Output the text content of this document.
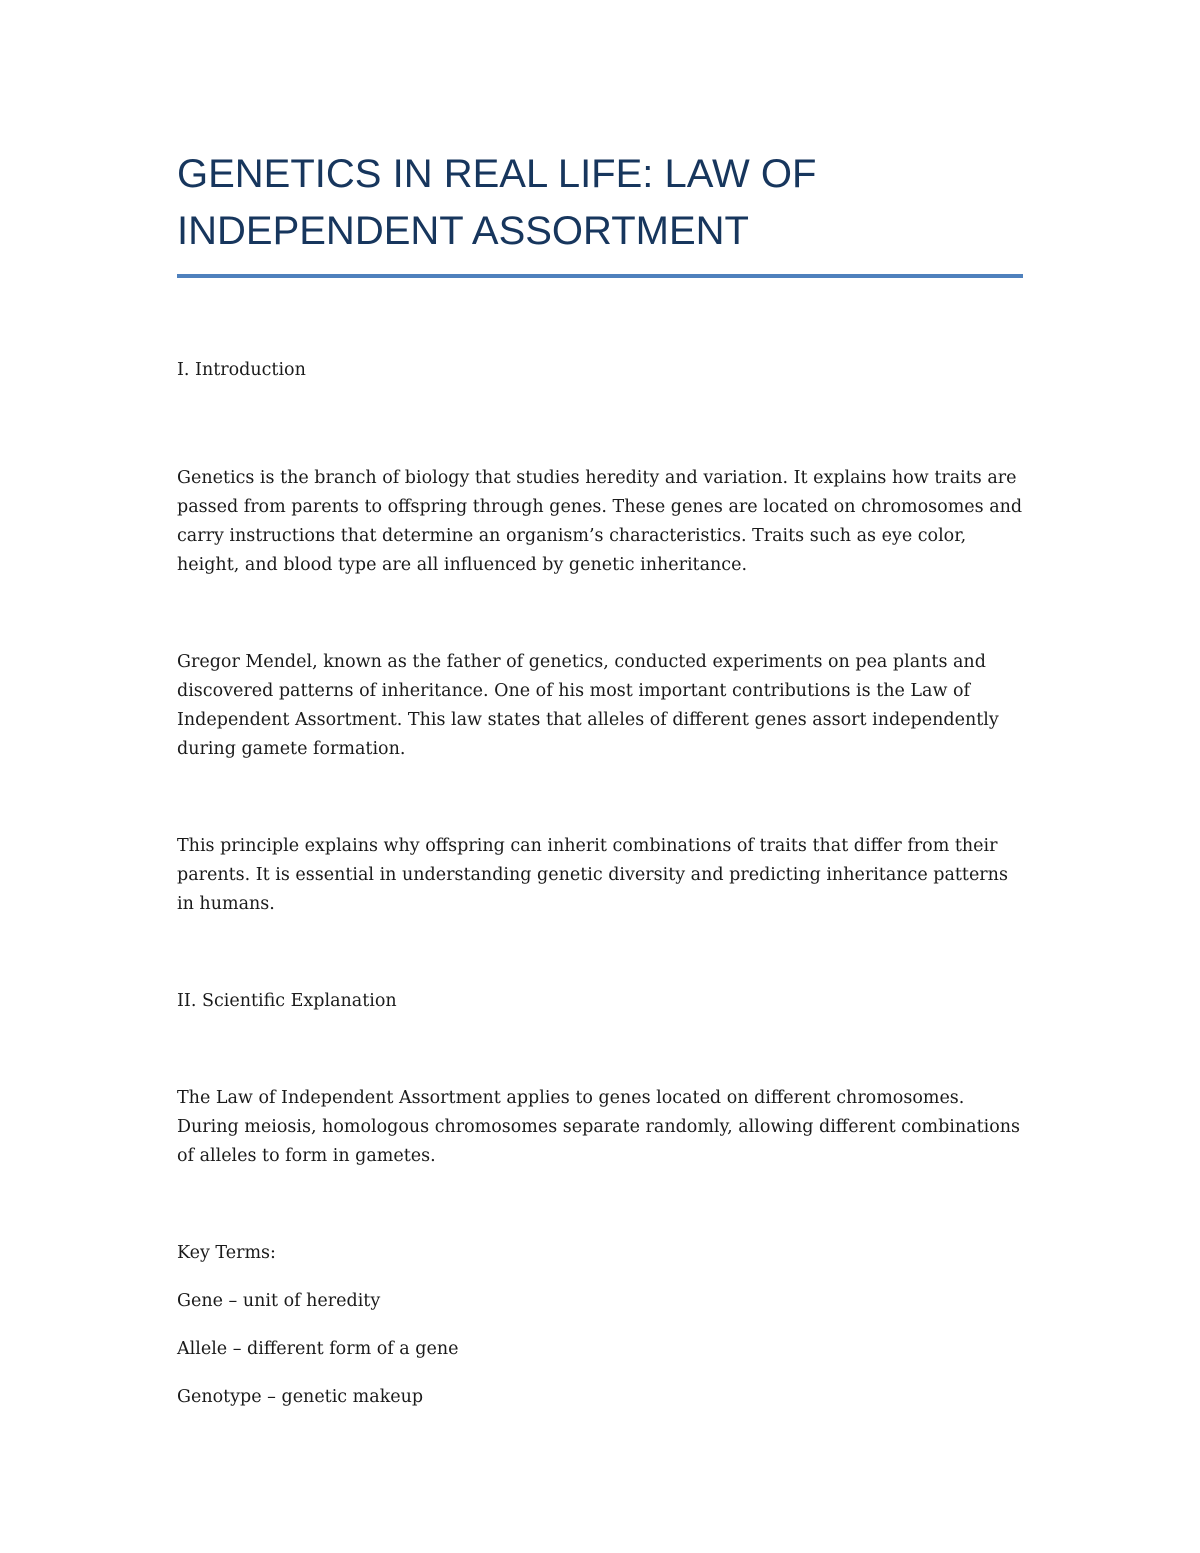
GENETICS IN REAL LIFE: LAW OF
INDEPENDENT ASSORTMENT

I. Introduction

Genetics is the branch of biology that studies heredity and variation. It explains how traits are passed from parents to offspring through genes. These genes are located on chromosomes and carry instructions that determine an organism’s characteristics. Traits such as eye color, height, and blood type are all influenced by genetic inheritance.

Gregor Mendel, known as the father of genetics, conducted experiments on pea plants and discovered patterns of inheritance. One of his most important contributions is the Law of Independent Assortment. This law states that alleles of different genes assort independently during gamete formation.

This principle explains why offspring can inherit combinations of traits that differ from their parents. It is essential in understanding genetic diversity and predicting inheritance patterns in humans.

II. Scientific Explanation

The Law of Independent Assortment applies to genes located on different chromosomes. During meiosis, homologous chromosomes separate randomly, allowing different combinations of alleles to form in gametes.

Key Terms:

Gene – unit of heredity

Allele – different form of a gene

Genotype – genetic makeup
